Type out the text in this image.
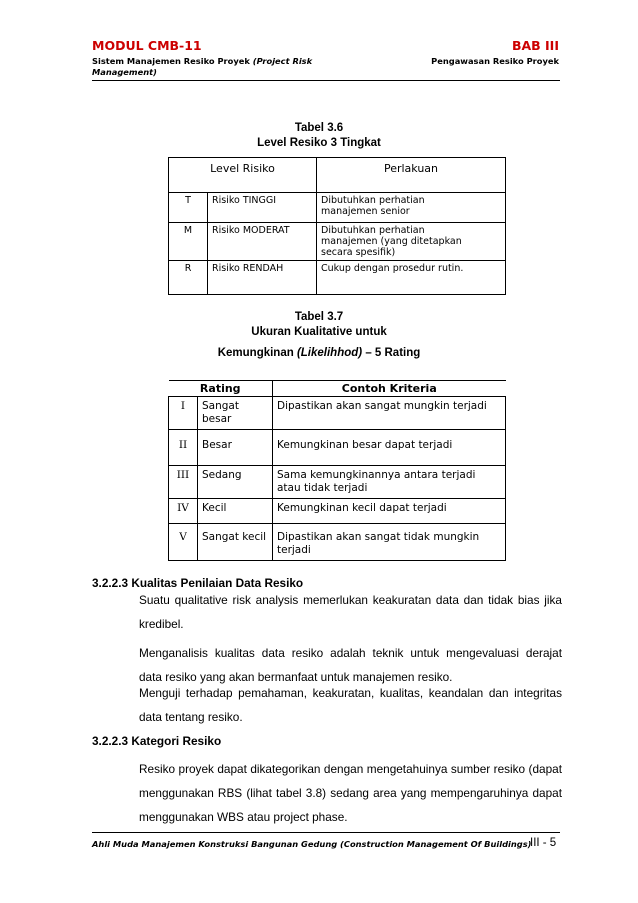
MODUL CMB-11	BAB III
Sistem Manajemen Resiko Proyek (Project Risk
Management)
Pengawasan Resiko Proyek
Tabel 3.6
Level Resiko 3 Tingkat
Level Risiko		Perlakuan
T	Risiko TINGGI	Dibutuhkan perhatian
manajemen senior
M	Risiko MODERAT	Dibutuhkan perhatian
manajemen (yang ditetapkan
secara spesifik)
R	Risiko RENDAH	Cukup dengan prosedur rutin.
Tabel 3.7
Ukuran Kualitative untuk
Kemungkinan (Likelihhod) – 5 Rating
Rating		Contoh Kriteria
I	Sangat besar	Dipastikan akan sangat mungkin terjadi
II	Besar	Kemungkinan besar dapat terjadi
III	Sedang	Sama kemungkinannya antara terjadi
atau tidak terjadi
IV	Kecil	Kemungkinan kecil dapat terjadi
V	Sangat kecil	Dipastikan akan sangat tidak mungkin
terjadi
3.2.2.3 Kualitas Penilaian Data Resiko
Suatu qualitative risk analysis memerlukan keakuratan data dan tidak bias jika
kredibel.
Menganalisis kualitas data resiko adalah teknik untuk mengevaluasi derajat
data resiko yang akan bermanfaat untuk manajemen resiko.
Menguji terhadap pemahaman, keakuratan, kualitas, keandalan dan integritas
data tentang resiko.
3.2.2.3 Kategori Resiko
Resiko proyek dapat dikategorikan dengan mengetahuinya sumber resiko (dapat
menggunakan RBS (lihat tabel 3.8) sedang area yang mempengaruhinya dapat
menggunakan WBS atau project phase.
Ahli Muda Manajemen Konstruksi Bangunan Gedung (Construction Management Of Buildings)
III - 5
